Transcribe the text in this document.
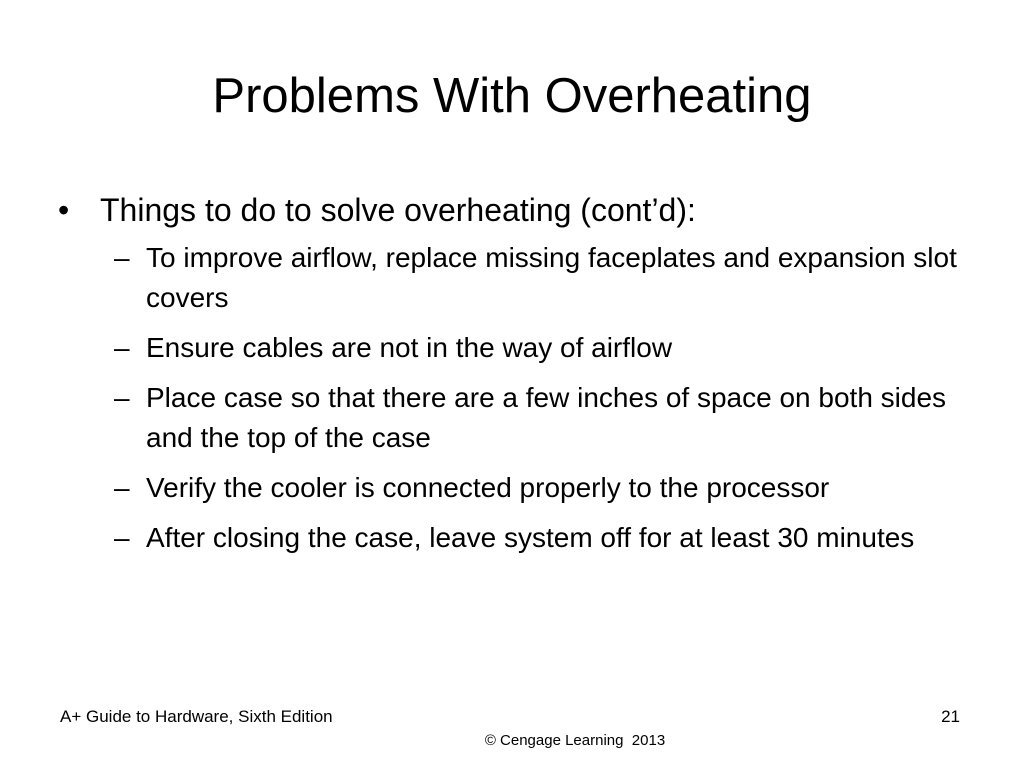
Problems With Overheating
• Things to do to solve overheating (cont’d):
– To improve airflow, replace missing faceplates and expansion slot covers
– Ensure cables are not in the way of airflow
– Place case so that there are a few inches of space on both sides and the top of the case
– Verify the cooler is connected properly to the processor
– After closing the case, leave system off for at least 30 minutes
A+ Guide to Hardware, Sixth Edition	21
© Cengage Learning  2013
